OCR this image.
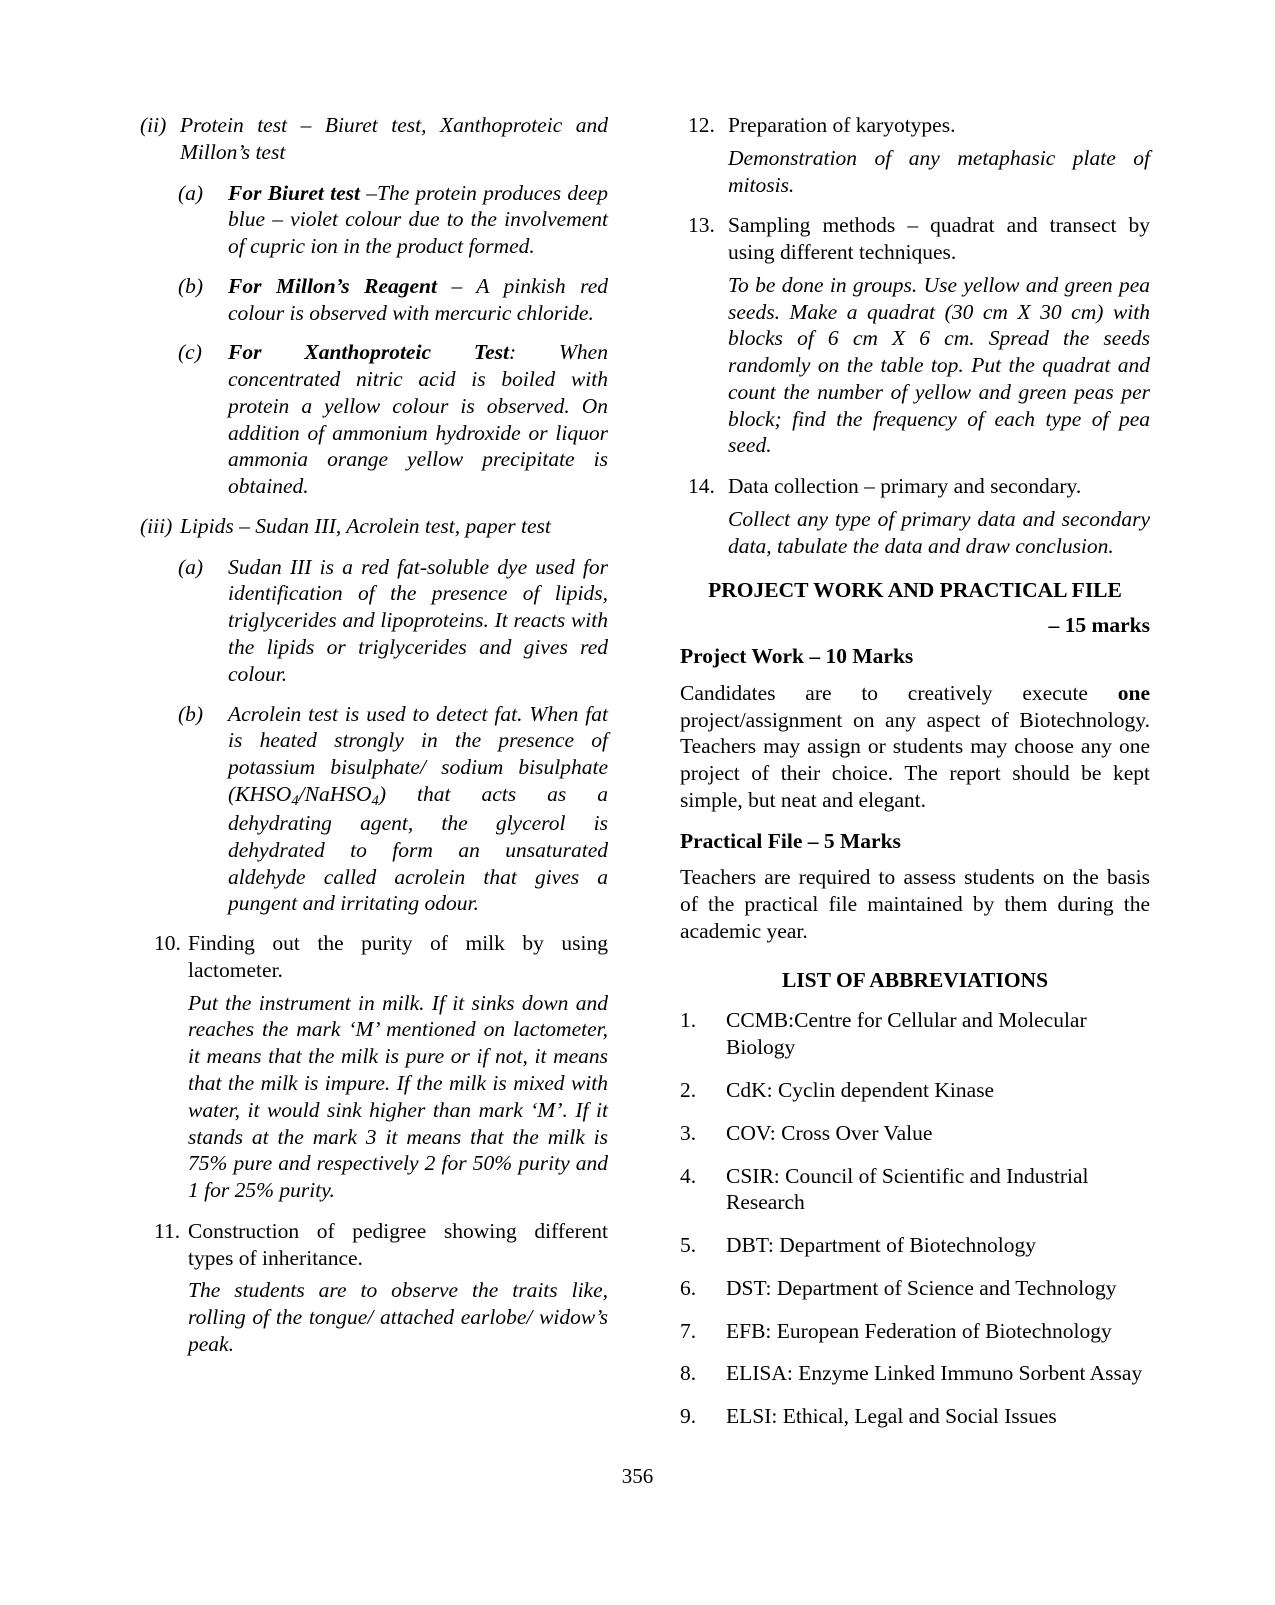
(ii) Protein test – Biuret test, Xanthoproteic and Millon’s test
(a) For Biuret test –The protein produces deep blue – violet colour due to the involvement of cupric ion in the product formed.
(b) For Millon’s Reagent – A pinkish red colour is observed with mercuric chloride.
(c) For Xanthoproteic Test: When concentrated nitric acid is boiled with protein a yellow colour is observed. On addition of ammonium hydroxide or liquor ammonia orange yellow precipitate is obtained.
(iii) Lipids – Sudan III, Acrolein test, paper test
(a) Sudan III is a red fat-soluble dye used for identification of the presence of lipids, triglycerides and lipoproteins. It reacts with the lipids or triglycerides and gives red colour.
(b) Acrolein test is used to detect fat. When fat is heated strongly in the presence of potassium bisulphate/ sodium bisulphate $(KHSO_4/NaHSO_4)$ that acts as a dehydrating agent, the glycerol is dehydrated to form an unsaturated aldehyde called acrolein that gives a pungent and irritating odour.
10. Finding out the purity of milk by using lactometer.
Put the instrument in milk. If it sinks down and reaches the mark ‘M’ mentioned on lactometer, it means that the milk is pure or if not, it means that the milk is impure. If the milk is mixed with water, it would sink higher than mark ‘M’. If it stands at the mark 3 it means that the milk is 75% pure and respectively 2 for 50% purity and 1 for 25% purity.
11. Construction of pedigree showing different types of inheritance.
The students are to observe the traits like, rolling of the tongue/ attached earlobe/ widow’s peak.
12. Preparation of karyotypes.
Demonstration of any metaphasic plate of mitosis.
13. Sampling methods – quadrat and transect by using different techniques.
To be done in groups. Use yellow and green pea seeds. Make a quadrat (30 cm X 30 cm) with blocks of 6 cm X 6 cm. Spread the seeds randomly on the table top. Put the quadrat and count the number of yellow and green peas per block; find the frequency of each type of pea seed.
14. Data collection – primary and secondary.
Collect any type of primary data and secondary data, tabulate the data and draw conclusion.
PROJECT WORK AND PRACTICAL FILE
– 15 marks
Project Work – 10 Marks
Candidates are to creatively execute one project/assignment on any aspect of Biotechnology. Teachers may assign or students may choose any one project of their choice. The report should be kept simple, but neat and elegant.
Practical File – 5 Marks
Teachers are required to assess students on the basis of the practical file maintained by them during the academic year.
LIST OF ABBREVIATIONS
1. CCMB:Centre for Cellular and Molecular Biology
2. CdK: Cyclin dependent Kinase
3. COV: Cross Over Value
4. CSIR: Council of Scientific and Industrial Research
5. DBT: Department of Biotechnology
6. DST: Department of Science and Technology
7. EFB: European Federation of Biotechnology
8. ELISA: Enzyme Linked Immuno Sorbent Assay
9. ELSI: Ethical, Legal and Social Issues
356
